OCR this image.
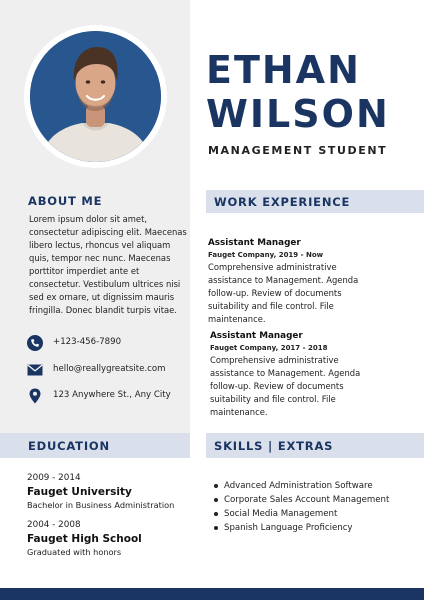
ETHAN
WILSON
MANAGEMENT STUDENT
ABOUT ME
Lorem ipsum dolor sit amet, consectetur adipiscing elit. Maecenas libero lectus, rhoncus vel aliquam quis, tempor nec nunc. Maecenas porttitor imperdiet ante et consectetur. Vestibulum ultrices nisi sed ex ornare, ut dignissim mauris fringilla. Donec blandit turpis vitae.
+123-456-7890
hello@reallygreatsite.com
123 Anywhere St., Any City
WORK EXPERIENCE
Assistant Manager
Fauget Company, 2019 - Now
Comprehensive administrative assistance to Management. Agenda follow-up. Review of documents suitability and file control. File maintenance.
Assistant Manager
Fauget Company, 2017 - 2018
Comprehensive administrative assistance to Management. Agenda follow-up. Review of documents suitability and file control. File maintenance.
EDUCATION
2009 - 2014
Fauget University
Bachelor in Business Administration
2004 - 2008
Fauget High School
Graduated with honors
SKILLS | EXTRAS
Advanced Administration Software
Corporate Sales Account Management
Social Media Management
Spanish Language Proficiency
